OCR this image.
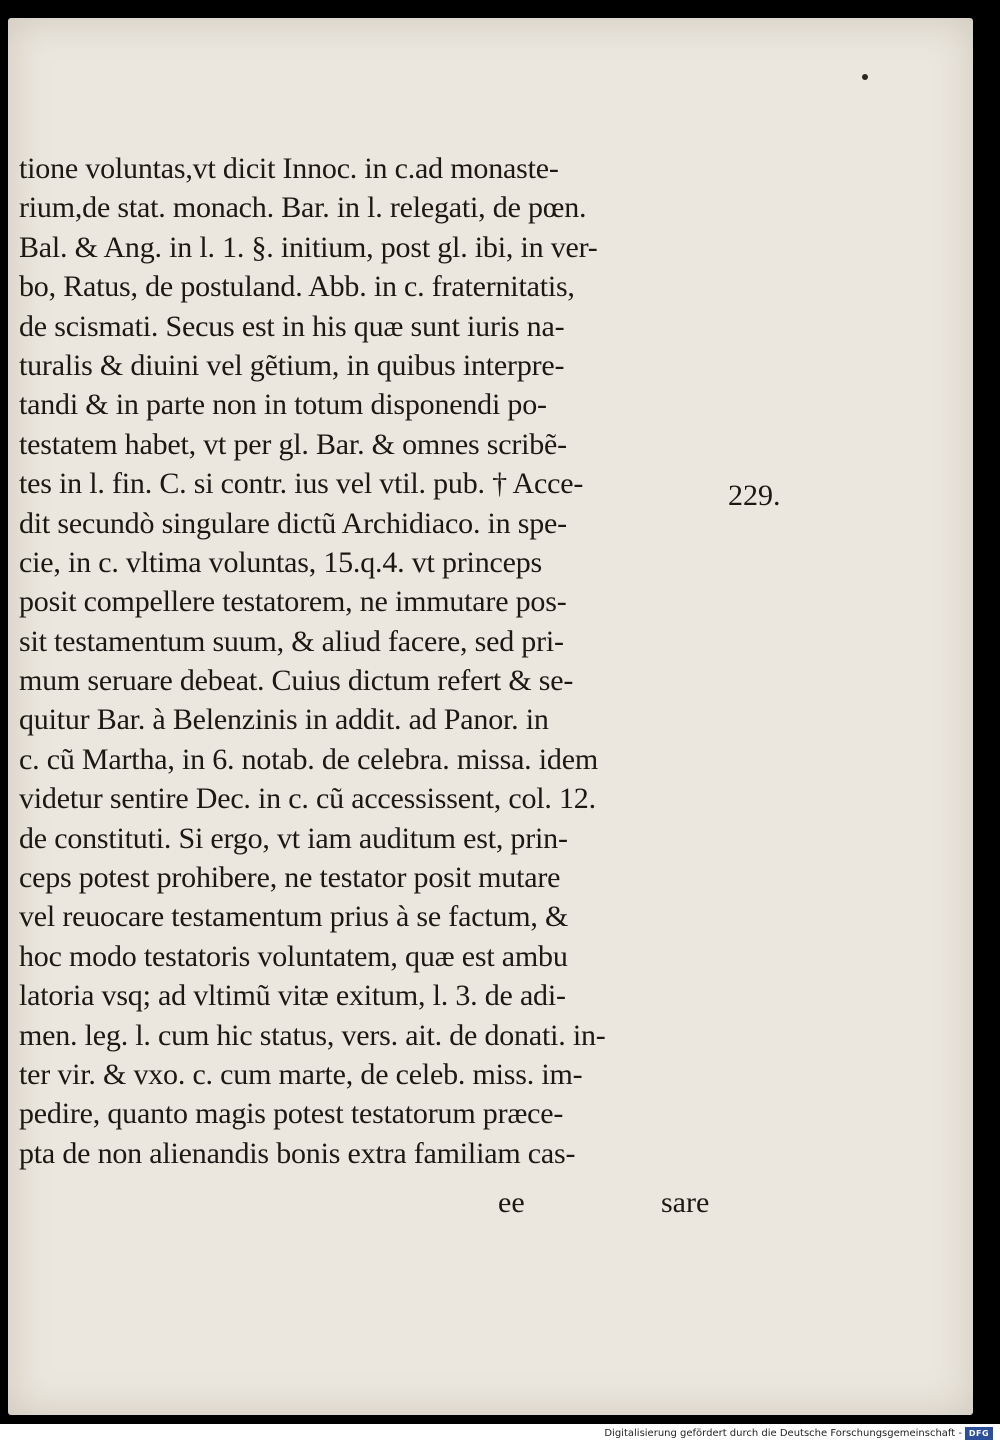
tione voluntas,vt dicit Innoc. in c.ad monaste-
rium,de stat. monach. Bar. in l. relegati, de pœn.
Bal. & Ang. in l. 1. §. initium, post gl. ibi, in ver-
bo, Ratus, de postuland. Abb. in c. fraternitatis,
de scismati. Secus est in his quæ sunt iuris na-
turalis & diuini vel gẽtium, in quibus interpre-
tandi & in parte non in totum disponendi po-
testatem habet, vt per gl. Bar. & omnes scribẽ-
tes in l. fin. C. si contr. ius vel vtil. pub. † Acce-
dit secundò singulare dictũ Archidiaco. in spe-
cie, in c. vltima voluntas, 15.q.4. vt princeps
posit compellere testatorem, ne immutare pos-
sit testamentum suum, & aliud facere, sed pri-
mum seruare debeat. Cuius dictum refert & se-
quitur Bar. à Belenzinis in addit. ad Panor. in
c. cũ Martha, in 6. notab. de celebra. missa. idem
videtur sentire Dec. in c. cũ accessissent, col. 12.
de constituti. Si ergo, vt iam auditum est, prin-
ceps potest prohibere, ne testator posit mutare
vel reuocare testamentum prius à se factum, &
hoc modo testatoris voluntatem, quæ est ambu
latoria vsq; ad vltimũ vitæ exitum, l. 3. de adi-
men. leg. l. cum hic status, vers. ait. de donati. in-
ter vir. & vxo. c. cum marte, de celeb. miss. im-
pedire, quanto magis potest testatorum præce-
pta de non alienandis bonis extra familiam cas-
229.
ee	sare
Digitalisierung gefördert durch die Deutsche Forschungsgemeinschaft - DFG
